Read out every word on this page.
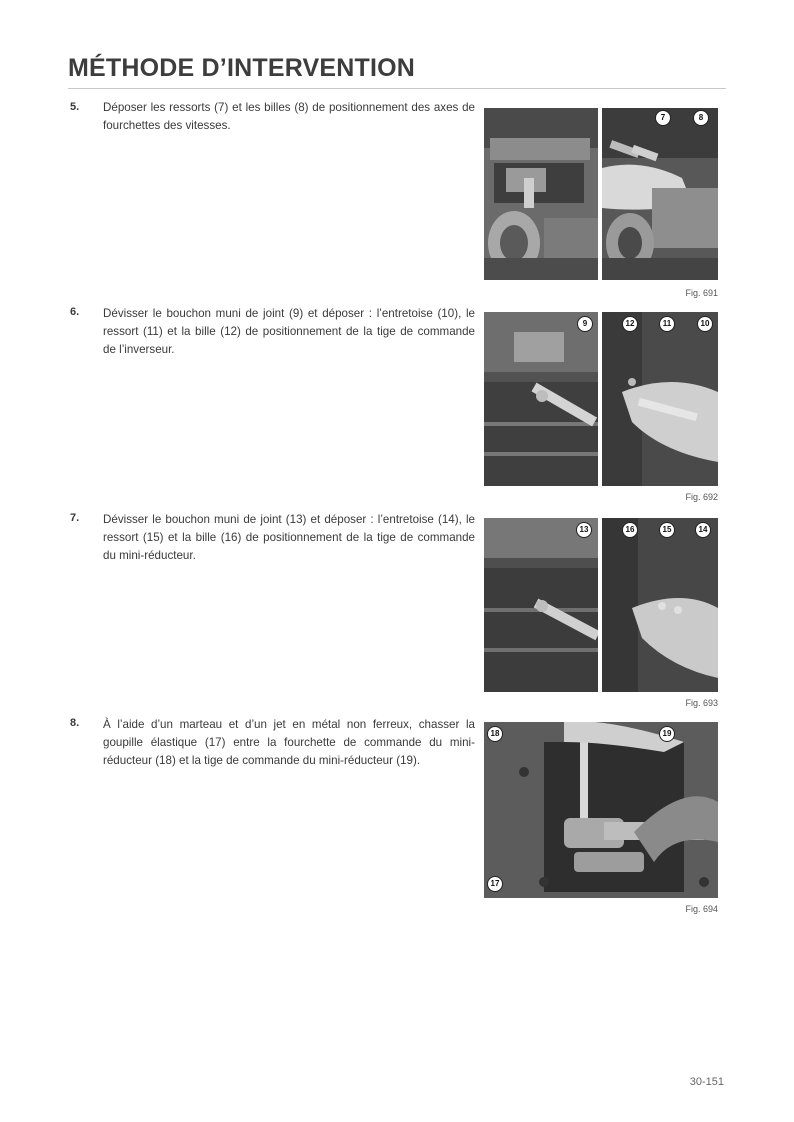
MÉTHODE D’INTERVENTION
5. Déposer les ressorts (7) et les billes (8) de positionnement des axes de fourchettes des vitesses.
7	8
Fig. 691
6. Dévisser le bouchon muni de joint (9) et déposer : l’entretoise (10), le ressort (11) et la bille (12) de positionnement de la tige de commande de l’inverseur.
9	12	11	10
Fig. 692
7. Dévisser le bouchon muni de joint (13) et déposer : l’entretoise (14), le ressort (15) et la bille (16) de positionnement de la tige de commande du mini-réducteur.
13	16	15	14
Fig. 693
8. À l’aide d’un marteau et d’un jet en métal non ferreux, chasser la goupille élastique (17) entre la fourchette de commande du mini-réducteur (18) et la tige de commande du mini-réducteur (19).
18	19
17
Fig. 694
30-151
